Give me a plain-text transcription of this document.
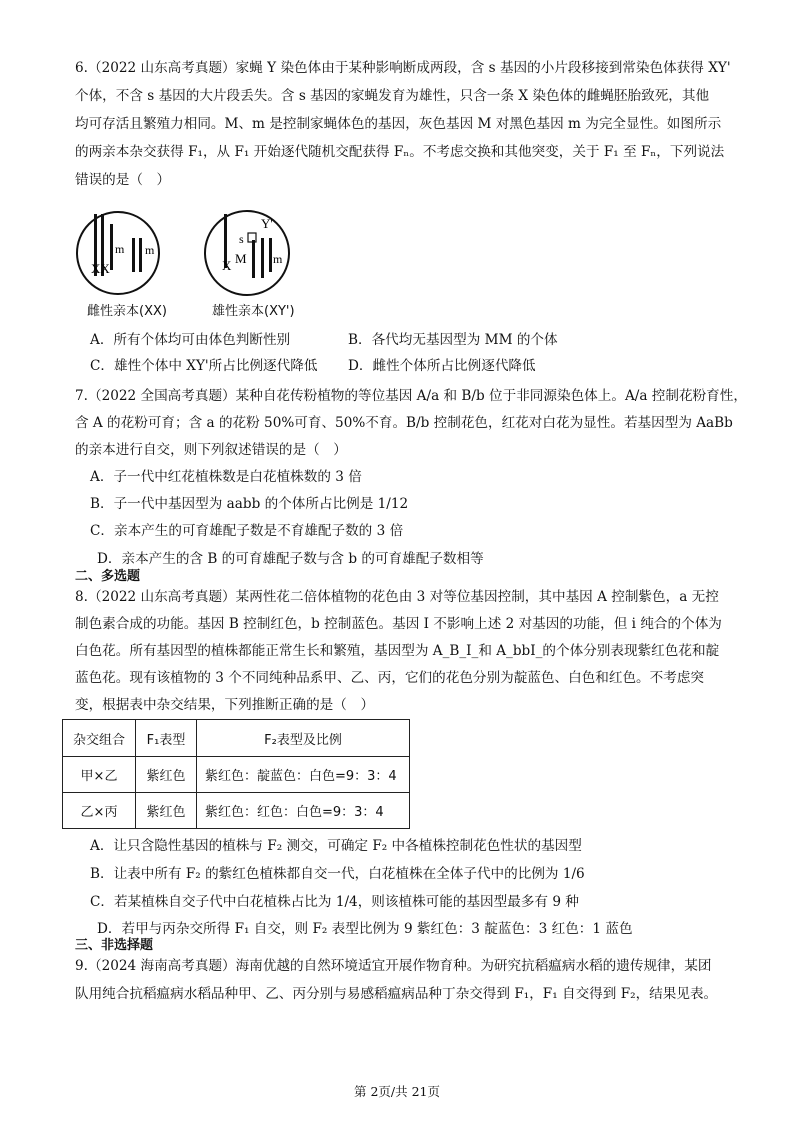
6.（2022 山东高考真题）家蝇 Y 染色体由于某种影响断成两段，含 s 基因的小片段移接到常染色体获得 XY'
个体，不含 s 基因的大片段丢失。含 s 基因的家蝇发育为雄性，只含一条 X 染色体的雌蝇胚胎致死，其他
均可存活且繁殖力相同。M、m 是控制家蝇体色的基因，灰色基因 M 对黑色基因 m 为完全显性。如图所示
的两亲本杂交获得 F₁，从 F₁ 开始逐代随机交配获得 Fₙ。不考虑交换和其他突变，关于 F₁ 至 Fₙ，下列说法
错误的是（　）
XX
m m
X
s
Y'
M m
雌性亲本(XX)	雄性亲本(XY')
A．所有个体均可由体色判断性别	B．各代均无基因型为 MM 的个体
C．雄性个体中 XY'所占比例逐代降低 D．雌性个体所占比例逐代降低
7.（2022 全国高考真题）某种自花传粉植物的等位基因 A/a 和 B/b 位于非同源染色体上。A/a 控制花粉育性，
含 A 的花粉可育；含 a 的花粉 50%可育、50%不育。B/b 控制花色，红花对白花为显性。若基因型为 AaBb
的亲本进行自交，则下列叙述错误的是（　）
A．子一代中红花植株数是白花植株数的 3 倍
B．子一代中基因型为 aabb 的个体所占比例是 1/12
C．亲本产生的可育雄配子数是不育雄配子数的 3 倍
D．亲本产生的含 B 的可育雄配子数与含 b 的可育雄配子数相等
二、多选题
8.（2022 山东高考真题）某两性花二倍体植物的花色由 3 对等位基因控制，其中基因 A 控制紫色，a 无控
制色素合成的功能。基因 B 控制红色，b 控制蓝色。基因 I 不影响上述 2 对基因的功能，但 i 纯合的个体为
白色花。所有基因型的植株都能正常生长和繁殖，基因型为 A_B_I_和 A_bbI_的个体分别表现紫红色花和靛
蓝色花。现有该植物的 3 个不同纯种品系甲、乙、丙，它们的花色分别为靛蓝色、白色和红色。不考虑突
变，根据表中杂交结果，下列推断正确的是（　）
杂交组合	F₁表型	F₂表型及比例
甲×乙	紫红色	紫红色：靛蓝色：白色=9：3：4
乙×丙	紫红色	紫红色：红色：白色=9：3：4
A．让只含隐性基因的植株与 F₂ 测交，可确定 F₂ 中各植株控制花色性状的基因型
B．让表中所有 F₂ 的紫红色植株都自交一代，白花植株在全体子代中的比例为 1/6
C．若某植株自交子代中白花植株占比为 1/4，则该植株可能的基因型最多有 9 种
D．若甲与丙杂交所得 F₁ 自交，则 F₂ 表型比例为 9 紫红色：3 靛蓝色：3 红色：1 蓝色
三、非选择题
9.（2024 海南高考真题）海南优越的自然环境适宜开展作物育种。为研究抗稻瘟病水稻的遗传规律，某团
队用纯合抗稻瘟病水稻品种甲、乙、丙分别与易感稻瘟病品种丁杂交得到 F₁，F₁ 自交得到 F₂，结果见表。
第 2页/共 21页
